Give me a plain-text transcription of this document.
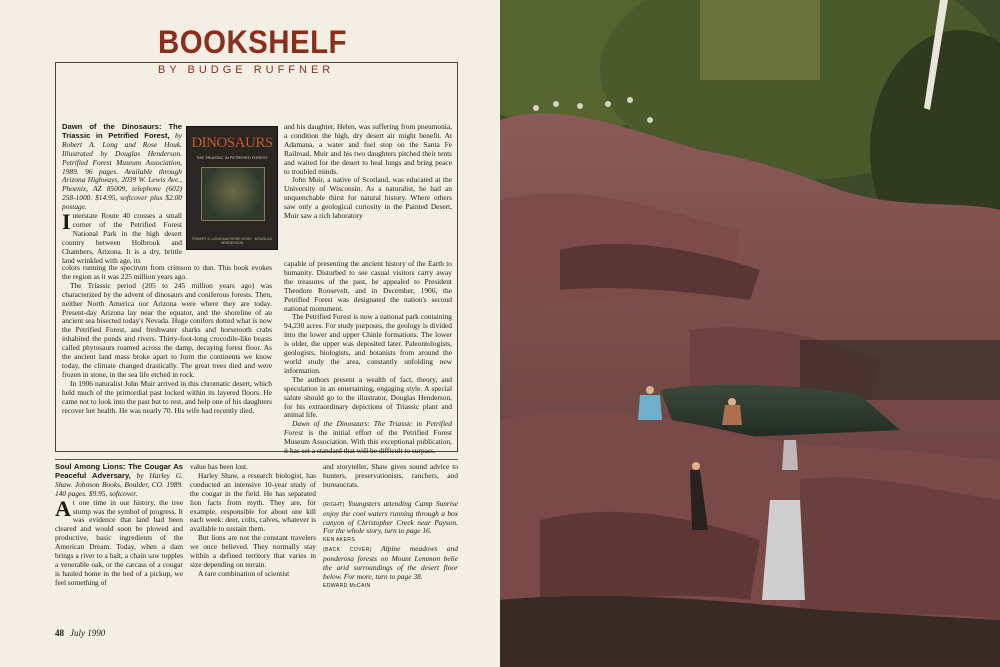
BOOKSHELF
BY BUDGE RUFFNER

Dawn of the Dinosaurs: The Triassic in Petrified Forest, by Robert A. Long and Rose Houk. Illustrated by Douglas Henderson. Petrified Forest Museum Association, 1989. 96 pages. Available through Arizona Highways, 2039 W. Lewis Ave., Phoenix, AZ 85009, telephone (602) 258-1000. $14.95, softcover plus $2.00 postage.

Interstate Route 40 crosses a small corner of the Petrified Forest National Park in the high desert country between Holbrook and Chambers, Arizona. It is a dry, brittle land wrinkled with age, its

DINOSAURS
THE TRIASSIC IN PETRIFIED FOREST
ROBERT A. LONG AND ROSE HOUK · DOUGLAS HENDERSON

colors running the spectrum from crimson to dun. This book evokes the region as it was 225 million years ago.

The Triassic period (205 to 245 million years ago) was characterized by the advent of dinosaurs and coniferous forests. Then, neither North America nor Arizona were where they are today. Present-day Arizona lay near the equator, and the shoreline of an ancient sea bisected today's Nevada. Huge conifers dotted what is now the Petrified Forest, and freshwater sharks and horsetooth crabs inhabited the ponds and rivers. Thirty-foot-long crocodile-like beasts called phytosaurs roamed across the damp, decaying forest floor. As the ancient land mass broke apart to form the continents we know today, the climate changed drastically. The great trees died and were frozen in stone, in the sea life etched in rock.

In 1906 naturalist John Muir arrived in this chromatic desert, which held much of the primordial past locked within its layered floors. He came not to look into the past but to rest, and help one of his daughters recover her health. He was nearly 70. His wife had recently died,

and his daughter, Helen, was suffering from pneumonia, a condition the high, dry desert air might benefit. At Adamana, a water and fuel stop on the Santa Fe Railroad, Muir and his two daughters pitched their tents and waited for the desert to heal lungs and bring peace to troubled minds.

John Muir, a native of Scotland, was educated at the University of Wisconsin. As a naturalist, he had an unquenchable thirst for natural history. Where others saw only a geological curiosity in the Painted Desert, Muir saw a rich laboratory

capable of presenting the ancient history of the Earth to humanity. Disturbed to see casual visitors carry away the treasures of the past, he appealed to President Theodore Roosevelt, and in December, 1906, the Petrified Forest was designated the nation's second national monument.

The Petrified Forest is now a national park containing 94,230 acres. For study purposes, the geology is divided into the lower and upper Chinle formations. The lower is older, the upper was deposited later. Paleontologists, geologists, biologists, and botanists from around the world study the area, constantly unfolding new information.

The authors present a wealth of fact, theory, and speculation in an entertaining, engaging style. A special salute should go to the illustrator, Douglas Henderson, for his extraordinary depictions of Triassic plant and animal life.

Dawn of the Dinosaurs: The Triassic in Petrified Forest is the initial effort of the Petrified Forest Museum Association. With this exceptional publication, it has set a standard that will be difficult to surpass.

Soul Among Lions: The Cougar As Peaceful Adversary, by Harley G. Shaw. Johnson Books, Boulder, CO. 1989. 140 pages. $9.95, softcover.

At one time in our history, the tree stump was the symbol of progress. It was evidence that land had been cleared and would soon be plowed and productive, basic ingredients of the American Dream. Today, when a dam brings a river to a halt, a chain saw topples a venerable oak, or the carcass of a cougar is hauled home in the bed of a pickup, we feel something of

value has been lost.

Harley Shaw, a research biologist, has conducted an intensive 10-year study of the cougar in the field. He has separated lion facts from myth. They are, for example, responsible for about one kill each week: deer, colts, calves, whatever is available to sustain them.

But lions are not the constant travelers we once believed. They normally stay within a defined territory that varies in size depending on terrain.

A rare combination of scientist

and storyteller, Shaw gives sound advice to hunters, preservationists, ranchers, and bureaucrats.

(RIGHT) Youngsters attending Camp Sunrise enjoy the cool waters running through a box canyon of Christopher Creek near Payson. For the whole story, turn to page 16.

KEN AKERS

(BACK COVER) Alpine meadows and ponderosa forests on Mount Lemmon belie the arid surroundings of the desert floor below. For more, turn to page 38.

EDWARD McCAIN

48 July 1990
